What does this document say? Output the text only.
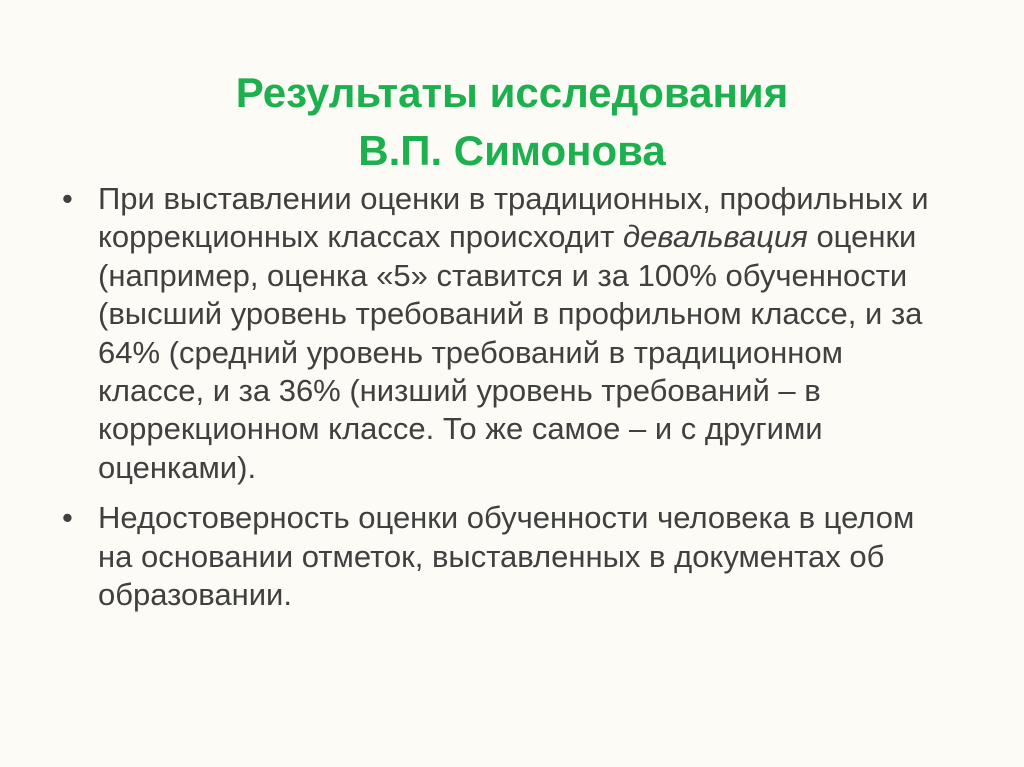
Результаты исследования
В.П. Симонова
• При выставлении оценки в традиционных, профильных и коррекционных классах происходит девальвация оценки (например, оценка «5» ставится и за 100% обученности (высший уровень требований в профильном классе, и за 64% (средний уровень требований в традиционном классе, и за 36% (низший уровень требований – в коррекционном классе. То же самое – и с другими оценками).
• Недостоверность оценки обученности человека в целом на основании отметок, выставленных в документах об образовании.
